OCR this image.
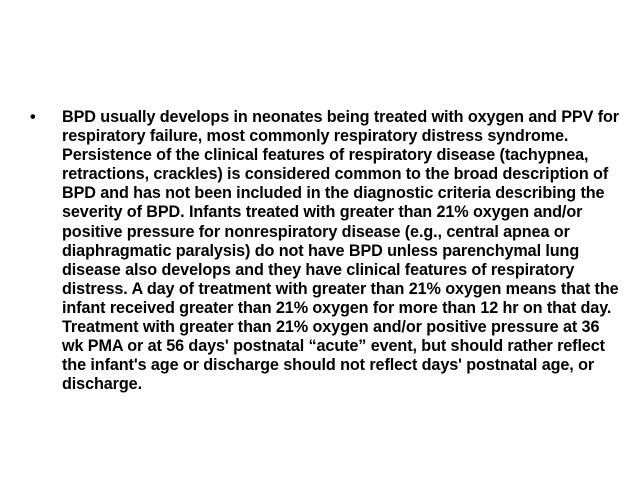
• BPD usually develops in neonates being treated with oxygen and PPV for respiratory failure, most commonly respiratory distress syndrome. Persistence of the clinical features of respiratory disease (tachypnea, retractions, crackles) is considered common to the broad description of BPD and has not been included in the diagnostic criteria describing the severity of BPD. Infants treated with greater than 21% oxygen and/or positive pressure for nonrespiratory disease (e.g., central apnea or diaphragmatic paralysis) do not have BPD unless parenchymal lung disease also develops and they have clinical features of respiratory distress. A day of treatment with greater than 21% oxygen means that the infant received greater than 21% oxygen for more than 12 hr on that day. Treatment with greater than 21% oxygen and/or positive pressure at 36 wk PMA or at 56 days' postnatal “acute” event, but should rather reflect the infant's age or discharge should not reflect days' postnatal age, or discharge.
